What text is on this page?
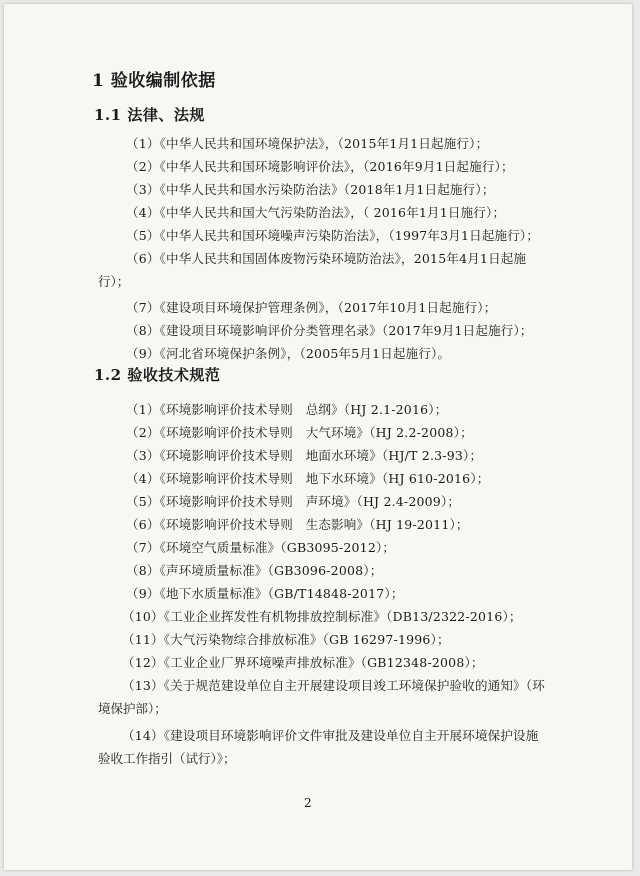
1 验收编制依据
1.1 法律、法规
（1）《中华人民共和国环境保护法》，（2015年1月1日起施行）；
（2）《中华人民共和国环境影响评价法》，（2016年9月1日起施行）；
（3）《中华人民共和国水污染防治法》（2018年1月1日起施行）；
（4）《中华人民共和国大气污染防治法》，（ 2016年1月1日施行）；
（5）《中华人民共和国环境噪声污染防治法》，（1997年3月1日起施行）；
（6）《中华人民共和国固体废物污染环境防治法》，2015年4月1日起施
行）；
（7）《建设项目环境保护管理条例》，（2017年10月1日起施行）；
（8）《建设项目环境影响评价分类管理名录》（2017年9月1日起施行）；
（9）《河北省环境保护条例》，（2005年5月1日起施行）。
1.2 验收技术规范
（1）《环境影响评价技术导则　总纲》（HJ 2.1-2016）；
（2）《环境影响评价技术导则　大气环境》（HJ 2.2-2008）；
（3）《环境影响评价技术导则　地面水环境》（HJ/T 2.3-93）；
（4）《环境影响评价技术导则　地下水环境》（HJ 610-2016）；
（5）《环境影响评价技术导则　声环境》（HJ 2.4-2009）；
（6）《环境影响评价技术导则　生态影响》（HJ 19-2011）；
（7）《环境空气质量标准》（GB3095-2012）；
（8）《声环境质量标准》（GB3096-2008）；
（9）《地下水质量标准》（GB/T14848-2017）；
（10）《工业企业挥发性有机物排放控制标准》（DB13/2322-2016）；
（11）《大气污染物综合排放标准》（GB 16297-1996）；
（12）《工业企业厂界环境噪声排放标准》（GB12348-2008）；
（13）《关于规范建设单位自主开展建设项目竣工环境保护验收的通知》（环
境保护部）；
（14）《建设项目环境影响评价文件审批及建设单位自主开展环境保护设施
验收工作指引（试行）》；
2
